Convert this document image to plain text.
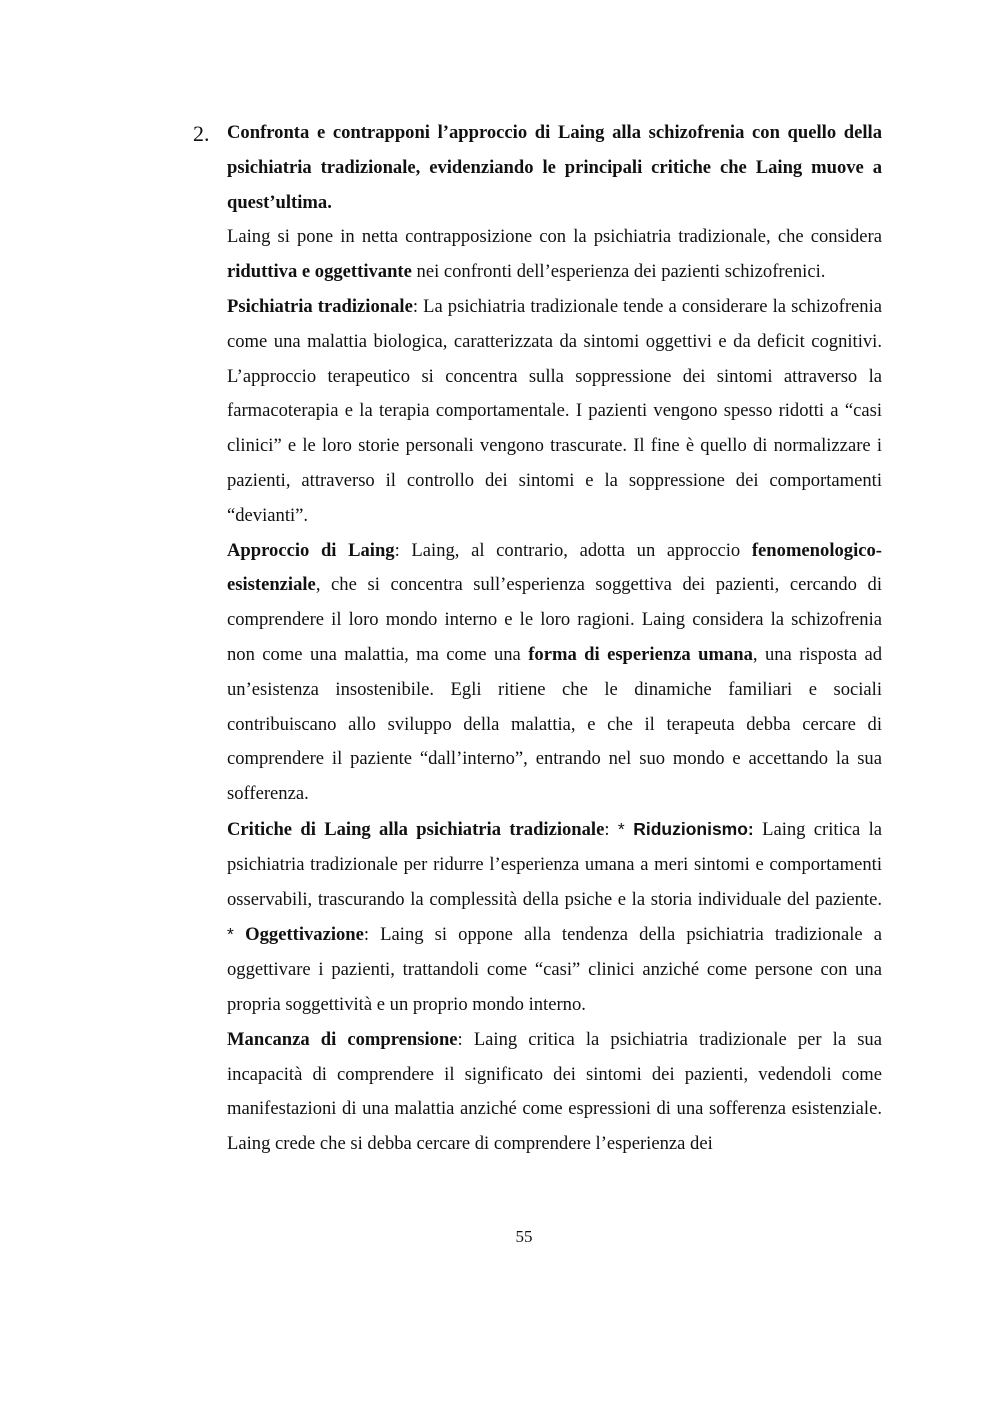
2. Confronta e contrapponi l’approccio di Laing alla schizofrenia con quello della psichiatria tradizionale, evidenziando le principali critiche che Laing muove a quest’ultima.

Laing si pone in netta contrapposizione con la psichiatria tradizionale, che considera riduttiva e oggettivante nei confronti dell’esperienza dei pazienti schizofrenici.

Psichiatria tradizionale: La psichiatria tradizionale tende a considerare la schizofrenia come una malattia biologica, caratterizzata da sintomi oggettivi e da deficit cognitivi. L’approccio terapeutico si concentra sulla soppressione dei sintomi attraverso la farmacoterapia e la terapia comportamentale. I pazienti vengono spesso ridotti a “casi clinici” e le loro storie personali vengono trascurate. Il fine è quello di normalizzare i pazienti, attraverso il controllo dei sintomi e la soppressione dei comportamenti “devianti”.

Approccio di Laing: Laing, al contrario, adotta un approccio fenomenologico-esistenziale, che si concentra sull’esperienza soggettiva dei pazienti, cercando di comprendere il loro mondo interno e le loro ragioni. Laing considera la schizofrenia non come una malattia, ma come una forma di esperienza umana, una risposta ad un’esistenza insostenibile. Egli ritiene che le dinamiche familiari e sociali contribuiscano allo sviluppo della malattia, e che il terapeuta debba cercare di comprendere il paziente “dall’interno”, entrando nel suo mondo e accettando la sua sofferenza.

Critiche di Laing alla psichiatria tradizionale: * Riduzionismo: Laing critica la psichiatria tradizionale per ridurre l’esperienza umana a meri sintomi e comportamenti osservabili, trascurando la complessità della psiche e la storia individuale del paziente. * Oggettivazione: Laing si oppone alla tendenza della psichiatria tradizionale a oggettivare i pazienti, trattandoli come “casi” clinici anziché come persone con una propria soggettività e un proprio mondo interno.

Mancanza di comprensione: Laing critica la psichiatria tradizionale per la sua incapacità di comprendere il significato dei sintomi dei pazienti, vedendoli come manifestazioni di una malattia anziché come espressioni di una sofferenza esistenziale. Laing crede che si debba cercare di comprendere l’esperienza dei

55
